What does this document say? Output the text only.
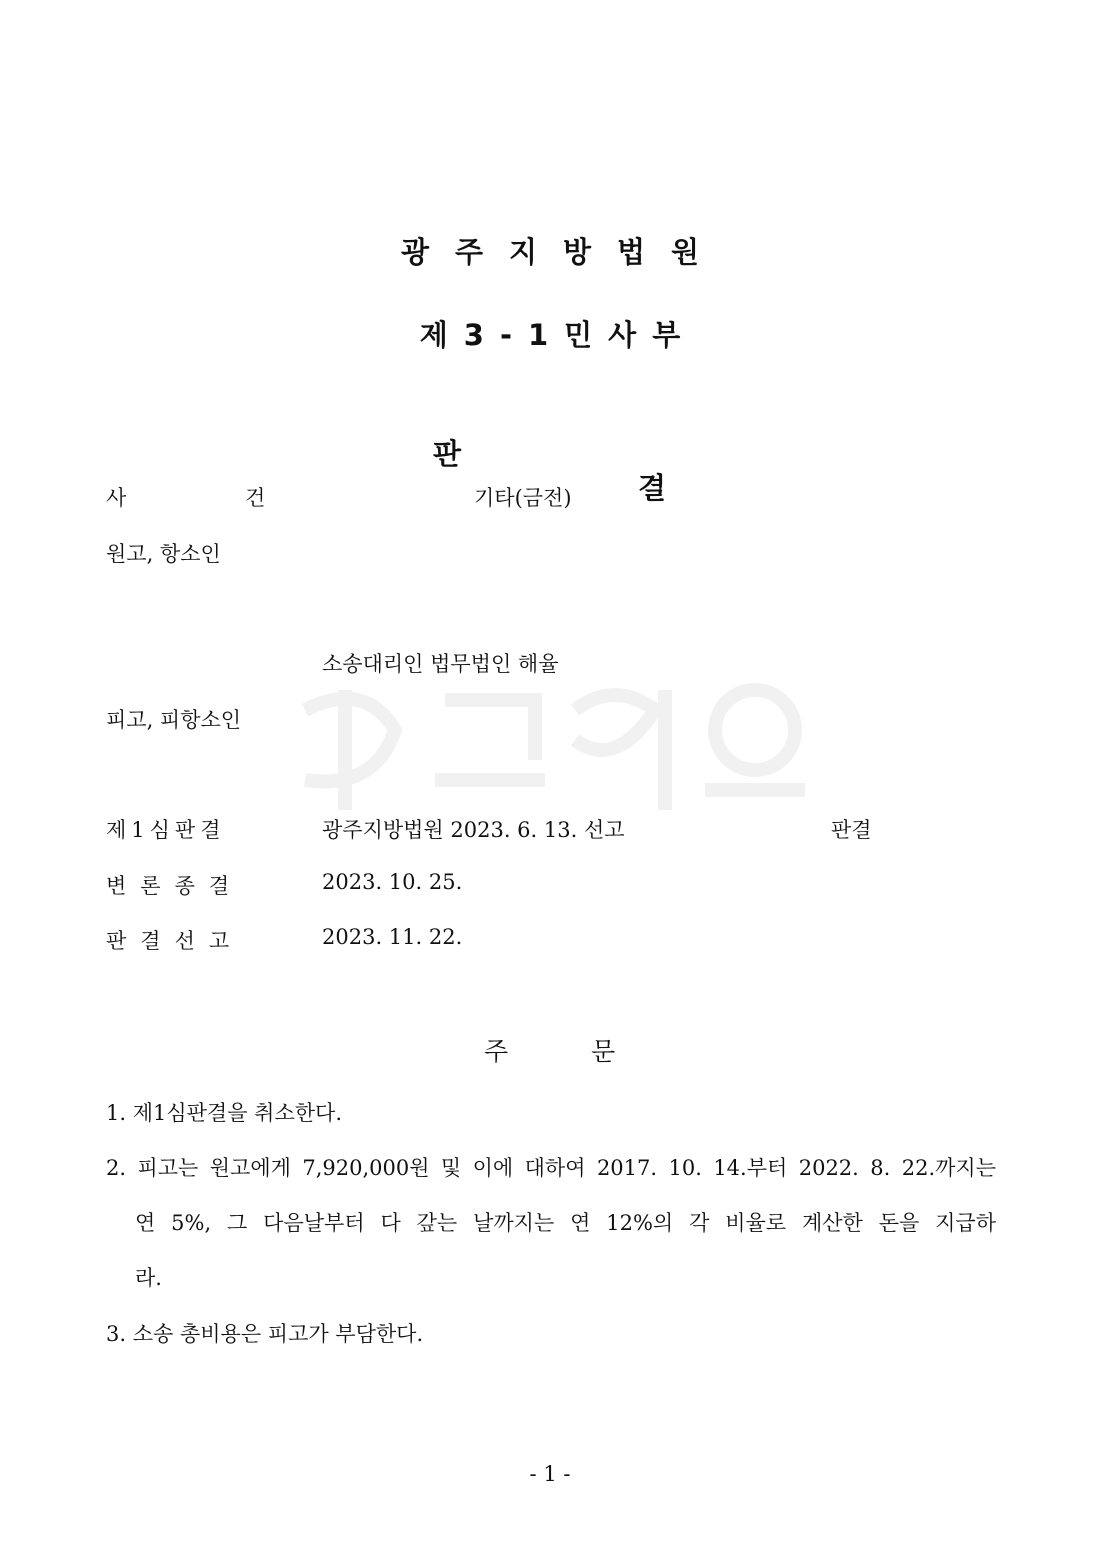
광주지방법원
제3-1민사부

판

결

사 건	기타(금전)
원고, 항소인
소송대리인 법무법인 해율
피고, 피항소인
제1심판결	광주지방법원 2023. 6. 13. 선고	판결
변론종결	2023. 10. 25.
판결선고	2023. 11. 22.
주	문
1. 제1심판결을 취소한다.
2. 피고는 원고에게 7,920,000원 및 이에 대하여 2017. 10. 14.부터 2022. 8. 22.까지는
연 5%, 그 다음날부터 다 갚는 날까지는 연 12%의 각 비율로 계산한 돈을 지급하
라.
3. 소송 총비용은 피고가 부담한다.
- 1 -
